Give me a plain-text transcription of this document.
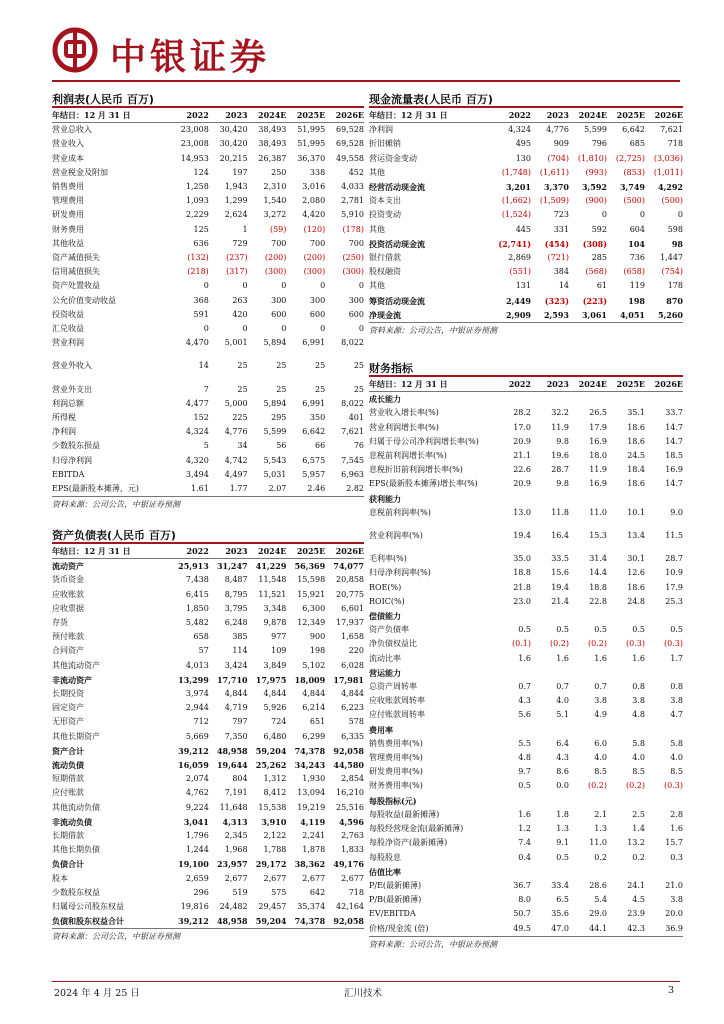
中银证券
利润表(人民币 百万)
年结日：12 月 31 日	2022	2023	2024E	2025E	2026E
营业总收入	23,008	30,420	38,493	51,995	69,528
营业收入	23,008	30,420	38,493	51,995	69,528
营业成本	14,953	20,215	26,387	36,370	49,558
营业税金及附加	124	197	250	338	452
销售费用	1,258	1,943	2,310	3,016	4,033
管理费用	1,093	1,299	1,540	2,080	2,781
研发费用	2,229	2,624	3,272	4,420	5,910
财务费用	125	1	(59)	(120)	(178)
其他收益	636	729	700	700	700
资产减值损失	(132)	(237)	(200)	(200)	(250)
信用减值损失	(218)	(317)	(300)	(300)	(300)
资产处置收益	0	0	0	0	0
公允价值变动收益	368	263	300	300	300
投资收益	591	420	600	600	600
汇兑收益	0	0	0	0	0
营业利润	4,470	5,001	5,894	6,991	8,022

营业外收入	14	25	25	25	25

营业外支出	7	25	25	25	25
利润总额	4,477	5,000	5,894	6,991	8,022
所得税	152	225	295	350	401
净利润	4,324	4,776	5,599	6,642	7,621
少数股东损益	5	34	56	66	76
归母净利润	4,320	4,742	5,543	6,575	7,545
EBITDA	3,494	4,497	5,031	5,957	6,963
EPS(最新股本摊薄，元)	1.61	1.77	2.07	2.46	2.82
资料来源：公司公告，中银证券预测
资产负债表(人民币 百万)
年结日：12 月 31 日	2022	2023	2024E	2025E	2026E
流动资产	25,913	31,247	41,229	56,369	74,077
货币资金	7,438	8,487	11,548	15,598	20,858
应收账款	6,415	8,795	11,521	15,921	20,775
应收票据	1,850	3,795	3,348	6,300	6,601
存货	5,482	6,248	9,878	12,349	17,937
预付账款	658	385	977	900	1,658
合同资产	57	114	109	198	220
其他流动资产	4,013	3,424	3,849	5,102	6,028
非流动资产	13,299	17,710	17,975	18,009	17,981
长期投资	3,974	4,844	4,844	4,844	4,844
固定资产	2,944	4,719	5,926	6,214	6,223
无形资产	712	797	724	651	578
其他长期资产	5,669	7,350	6,480	6,299	6,335
资产合计	39,212	48,958	59,204	74,378	92,058
流动负债	16,059	19,644	25,262	34,243	44,580
短期借款	2,074	804	1,312	1,930	2,854
应付账款	4,762	7,191	8,412	13,094	16,210
其他流动负债	9,224	11,648	15,538	19,219	25,516
非流动负债	3,041	4,313	3,910	4,119	4,596
长期借款	1,796	2,345	2,122	2,241	2,763
其他长期负债	1,244	1,968	1,788	1,878	1,833
负债合计	19,100	23,957	29,172	38,362	49,176
股本	2,659	2,677	2,677	2,677	2,677
少数股东权益	296	519	575	642	718
归属母公司股东权益	19,816	24,482	29,457	35,374	42,164
负债和股东权益合计	39,212	48,958	59,204	74,378	92,058
资料来源：公司公告，中银证券预测
现金流量表(人民币 百万)
年结日：12 月 31 日	2022	2023	2024E	2025E	2026E
净利润	4,324	4,776	5,599	6,642	7,621
折旧摊销	495	909	796	685	718
营运资金变动	130	(704)	(1,810)	(2,725)	(3,036)
其他	(1,748)	(1,611)	(993)	(853)	(1,011)
经营活动现金流	3,201	3,370	3,592	3,749	4,292
资本支出	(1,662)	(1,509)	(900)	(500)	(500)
投资变动	(1,524)	723	0	0	0
其他	445	331	592	604	598
投资活动现金流	(2,741)	(454)	(308)	104	98
银行借款	2,869	(721)	285	736	1,447
股权融资	(551)	384	(568)	(658)	(754)
其他	131	14	61	119	178
筹资活动现金流	2,449	(323)	(223)	198	870
净现金流	2,909	2,593	3,061	4,051	5,260
资料来源：公司公告，中银证券预测
财务指标
年结日：12 月 31 日	2022	2023	2024E	2025E	2026E
成长能力					
营业收入增长率(%)	28.2	32.2	26.5	35.1	33.7
营业利润增长率(%)	17.0	11.9	17.9	18.6	14.7
归属于母公司净利润增长率(%)	20.9	9.8	16.9	18.6	14.7
息税前利润增长率(%)	21.1	19.6	18.0	24.5	18.5
息税折旧前利润增长率(%)	22.6	28.7	11.9	18.4	16.9
EPS(最新股本摊薄)增长率(%)	20.9	9.8	16.9	18.6	14.7
获利能力					
息税前利润率(%)	13.0	11.8	11.0	10.1	9.0

营业利润率(%)	19.4	16.4	15.3	13.4	11.5

毛利率(%)	35.0	33.5	31.4	30.1	28.7
归母净利润率(%)	18.8	15.6	14.4	12.6	10.9
ROE(%)	21.8	19.4	18.8	18.6	17.9
ROIC(%)	23.0	21.4	22.8	24.8	25.3
偿债能力					
资产负债率	0.5	0.5	0.5	0.5	0.5
净负债权益比	(0.1)	(0.2)	(0.2)	(0.3)	(0.3)
流动比率	1.6	1.6	1.6	1.6	1.7
营运能力					
总资产周转率	0.7	0.7	0.7	0.8	0.8
应收账款周转率	4.3	4.0	3.8	3.8	3.8
应付账款周转率	5.6	5.1	4.9	4.8	4.7
费用率					
销售费用率(%)	5.5	6.4	6.0	5.8	5.8
管理费用率(%)	4.8	4.3	4.0	4.0	4.0
研发费用率(%)	9.7	8.6	8.5	8.5	8.5
财务费用率(%)	0.5	0.0	(0.2)	(0.2)	(0.3)
每股指标(元)					
每股收益(最新摊薄)	1.6	1.8	2.1	2.5	2.8
每股经营现金流(最新摊薄)	1.2	1.3	1.3	1.4	1.6
每股净资产(最新摊薄)	7.4	9.1	11.0	13.2	15.7
每股股息	0.4	0.5	0.2	0.2	0.3
估值比率					
P/E(最新摊薄)	36.7	33.4	28.6	24.1	21.0
P/B(最新摊薄)	8.0	6.5	5.4	4.5	3.8
EV/EBITDA	50.7	35.6	29.0	23.9	20.0
价格/现金流 (倍)	49.5	47.0	44.1	42.3	36.9
资料来源：公司公告，中银证券预测
2024 年 4 月 25 日	汇川技术	3
